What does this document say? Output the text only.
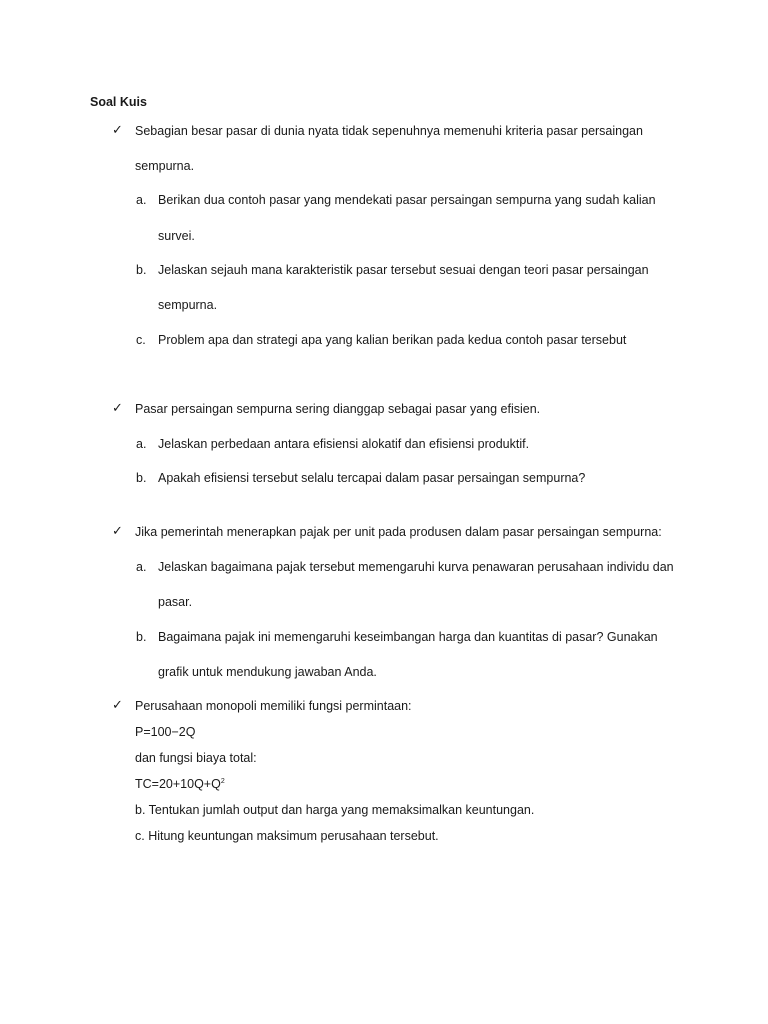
Soal Kuis
✓ Sebagian besar pasar di dunia nyata tidak sepenuhnya memenuhi kriteria pasar persaingan
sempurna.
a. Berikan dua contoh pasar yang mendekati pasar persaingan sempurna yang sudah kalian
survei.
b. Jelaskan sejauh mana karakteristik pasar tersebut sesuai dengan teori pasar persaingan
sempurna.
c. Problem apa dan strategi apa yang kalian berikan pada kedua contoh pasar tersebut
✓ Pasar persaingan sempurna sering dianggap sebagai pasar yang efisien.
a. Jelaskan perbedaan antara efisiensi alokatif dan efisiensi produktif.
b. Apakah efisiensi tersebut selalu tercapai dalam pasar persaingan sempurna?
✓ Jika pemerintah menerapkan pajak per unit pada produsen dalam pasar persaingan sempurna:
a. Jelaskan bagaimana pajak tersebut memengaruhi kurva penawaran perusahaan individu dan
pasar.
b. Bagaimana pajak ini memengaruhi keseimbangan harga dan kuantitas di pasar? Gunakan
grafik untuk mendukung jawaban Anda.
✓ Perusahaan monopoli memiliki fungsi permintaan:
P=100−2Q
dan fungsi biaya total:
$TC=20+10Q+Q^2$
b. Tentukan jumlah output dan harga yang memaksimalkan keuntungan.
c. Hitung keuntungan maksimum perusahaan tersebut.
